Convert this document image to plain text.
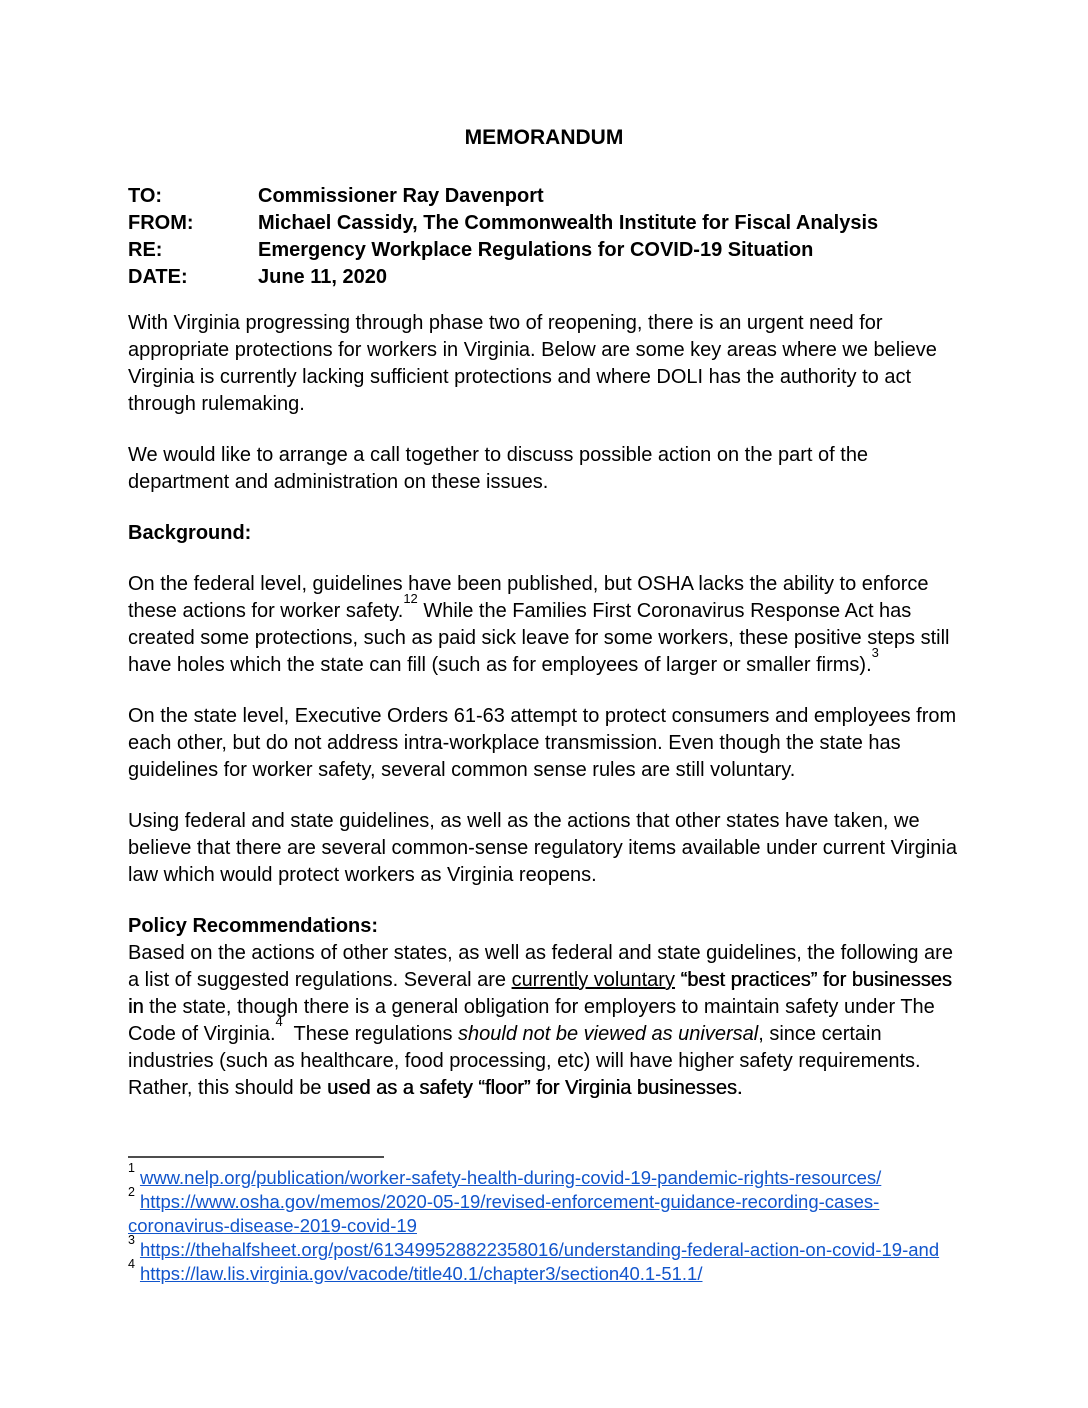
MEMORANDUM
TO:	Commissioner Ray Davenport
FROM:	Michael Cassidy, The Commonwealth Institute for Fiscal Analysis
RE:	Emergency Workplace Regulations for COVID-19 Situation
DATE:	June 11, 2020

With Virginia progressing through phase two of reopening, there is an urgent need for appropriate protections for workers in Virginia. Below are some key areas where we believe Virginia is currently lacking sufficient protections and where DOLI has the authority to act through rulemaking.

We would like to arrange a call together to discuss possible action on the part of the department and administration on these issues.

Background:

On the federal level, guidelines have been published, but OSHA lacks the ability to enforce these actions for worker safety.$^{12}$ While the Families First Coronavirus Response Act has created some protections, such as paid sick leave for some workers, these positive steps still have holes which the state can fill (such as for employees of larger or smaller firms).$^3$

On the state level, Executive Orders 61-63 attempt to protect consumers and employees from each other, but do not address intra-workplace transmission. Even though the state has guidelines for worker safety, several common sense rules are still voluntary.

Using federal and state guidelines, as well as the actions that other states have taken, we believe that there are several common-sense regulatory items available under current Virginia law which would protect workers as Virginia reopens.

Policy Recommendations:

Based on the actions of other states, as well as federal and state guidelines, the following are a list of suggested regulations. Several are currently voluntary “best practices” for businesses in the state, though there is a general obligation for employers to maintain safety under The Code of Virginia.$^4$  These regulations should not be viewed as universal, since certain industries (such as healthcare, food processing, etc) will have higher safety requirements. Rather, this should be used as a safety “floor” for Virginia businesses.

$^1$ www.nelp.org/publication/worker-safety-health-during-covid-19-pandemic-rights-resources/
$^2$ https://www.osha.gov/memos/2020-05-19/revised-enforcement-guidance-recording-cases-coronavirus-disease-2019-covid-19
$^3$ https://thehalfsheet.org/post/613499528822358016/understanding-federal-action-on-covid-19-and
$^4$ https://law.lis.virginia.gov/vacode/title40.1/chapter3/section40.1-51.1/
